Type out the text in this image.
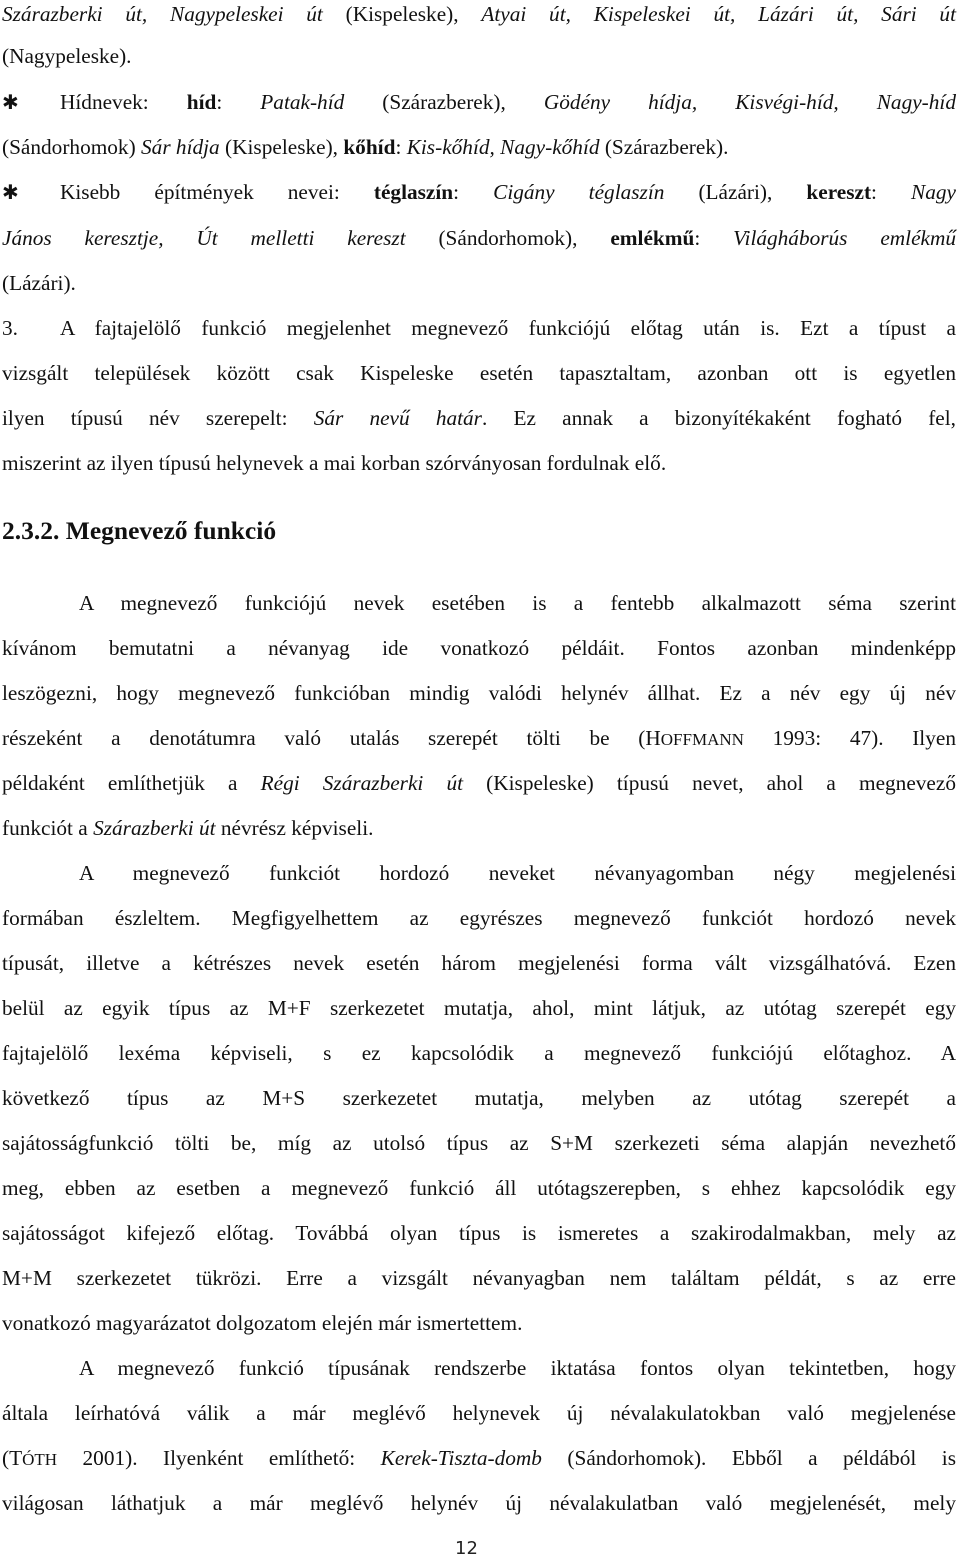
Szárazberki út, Nagypeleskei út (Kispeleske), Atyai út, Kispeleskei út, Lázári út, Sári út
(Nagypeleske).
✱ Hídnevek: híd: Patak-híd (Szárazberek), Gödény hídja, Kisvégi-híd, Nagy-híd
(Sándorhomok) Sár hídja (Kispeleske), kőhíd: Kis-kőhíd, Nagy-kőhíd (Szárazberek).
✱ Kisebb építmények nevei: téglaszín: Cigány téglaszín (Lázári), kereszt: Nagy
János keresztje, Út melletti kereszt (Sándorhomok), emlékmű: Világháborús emlékmű
(Lázári).
3. A fajtajelölő funkció megjelenhet megnevező funkciójú előtag után is. Ezt a típust a
vizsgált települések között csak Kispeleske esetén tapasztaltam, azonban ott is egyetlen
ilyen típusú név szerepelt: Sár nevű határ. Ez annak a bizonyítékaként fogható fel,
miszerint az ilyen típusú helynevek a mai korban szórványosan fordulnak elő.
2.3.2. Megnevező funkció
A megnevező funkciójú nevek esetében is a fentebb alkalmazott séma szerint
kívánom bemutatni a névanyag ide vonatkozó példáit. Fontos azonban mindenképp
leszögezni, hogy megnevező funkcióban mindig valódi helynév állhat. Ez a név egy új név
részeként a denotátumra való utalás szerepét tölti be (HOFFMANN 1993: 47). Ilyen
példaként említhetjük a Régi Szárazberki út (Kispeleske) típusú nevet, ahol a megnevező
funkciót a Szárazberki út névrész képviseli.
A megnevező funkciót hordozó neveket névanyagomban négy megjelenési
formában észleltem. Megfigyelhettem az egyrészes megnevező funkciót hordozó nevek
típusát, illetve a kétrészes nevek esetén három megjelenési forma vált vizsgálhatóvá. Ezen
belül az egyik típus az M+F szerkezetet mutatja, ahol, mint látjuk, az utótag szerepét egy
fajtajelölő lexéma képviseli, s ez kapcsolódik a megnevező funkciójú előtaghoz. A
következő típus az M+S szerkezetet mutatja, melyben az utótag szerepét a
sajátosságfunkció tölti be, míg az utolsó típus az S+M szerkezeti séma alapján nevezhető
meg, ebben az esetben a megnevező funkció áll utótagszerepben, s ehhez kapcsolódik egy
sajátosságot kifejező előtag. Továbbá olyan típus is ismeretes a szakirodalmakban, mely az
M+M szerkezetet tükrözi. Erre a vizsgált névanyagban nem találtam példát, s az erre
vonatkozó magyarázatot dolgozatom elején már ismertettem.
A megnevező funkció típusának rendszerbe iktatása fontos olyan tekintetben, hogy
általa leírhatóvá válik a már meglévő helynevek új névalakulatokban való megjelenése
(TÓTH 2001). Ilyenként említhető: Kerek-Tiszta-domb (Sándorhomok). Ebből a példából is
világosan láthatjuk a már meglévő helynév új névalakulatban való megjelenését, mely
12
